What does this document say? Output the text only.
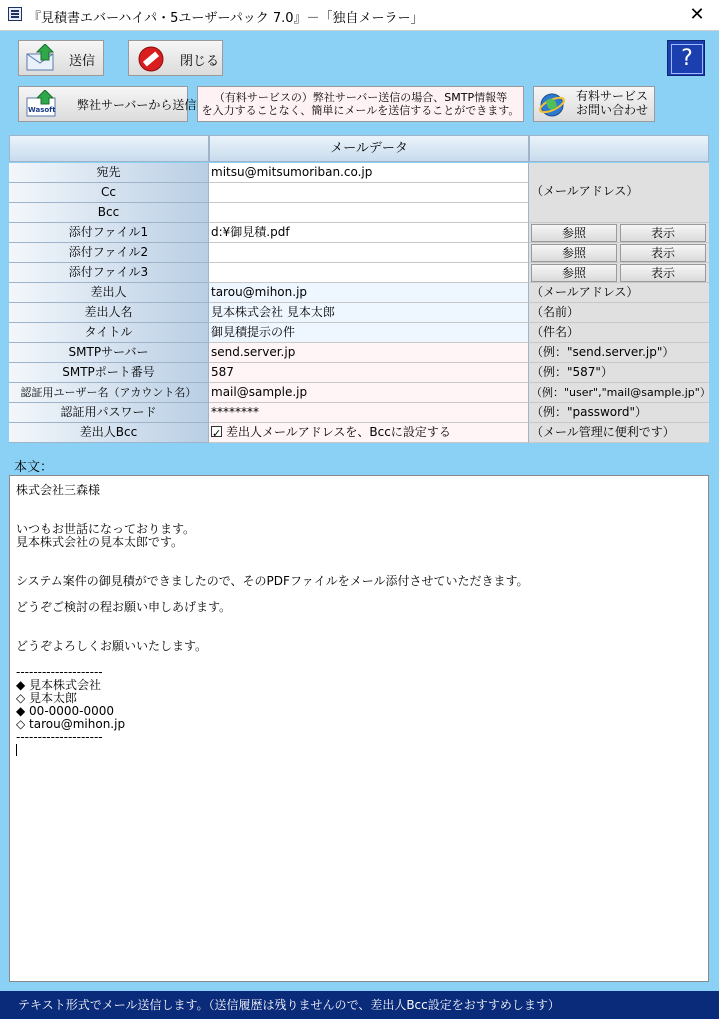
『見積書エバーハイパ・5ユーザーパック 7.0』－「独自メーラー」	✕
送信	閉じる	?
Wasoft 弊社サーバーから送信
（有料サービスの）弊社サーバー送信の場合、SMTP情報等
を入力することなく、簡単にメールを送信することができます。
有料サービス
お問い合わせ
メールデータ
宛先	mitsu@mitsumoriban.co.jp
Cc
Bcc
（メールアドレス）
添付ファイル1	d:¥御見積.pdf	参照	表示
添付ファイル2	参照	表示
添付ファイル3	参照	表示
差出人	tarou@mihon.jp	（メールアドレス）
差出人名	見本株式会社 見本太郎	（名前）
タイトル	御見積提示の件	（件名）
SMTPサーバー	send.server.jp	（例："send.server.jp"）
SMTPポート番号	587	（例："587"）
認証用ユーザー名（アカウント名）	mail@sample.jp	（例："user","mail@sample.jp"）
認証用パスワード	********	（例："password"）
差出人Bcc
✓	差出人メールアドレスを、Bccに設定する	（メール管理に便利です）
本文：
株式会社三森様

いつもお世話になっております。
見本株式会社の見本太郎です。

システム案件の御見積ができましたので、そのPDFファイルをメール添付させていただきます。

どうぞご検討の程お願い申しあげます。

どうぞよろしくお願いいたします。

--------------------
◆ 見本株式会社
◇ 見本太郎
◆ 00-0000-0000
◇ tarou@mihon.jp
--------------------

テキスト形式でメール送信します。（送信履歴は残りませんので、差出人Bcc設定をおすすめします）
